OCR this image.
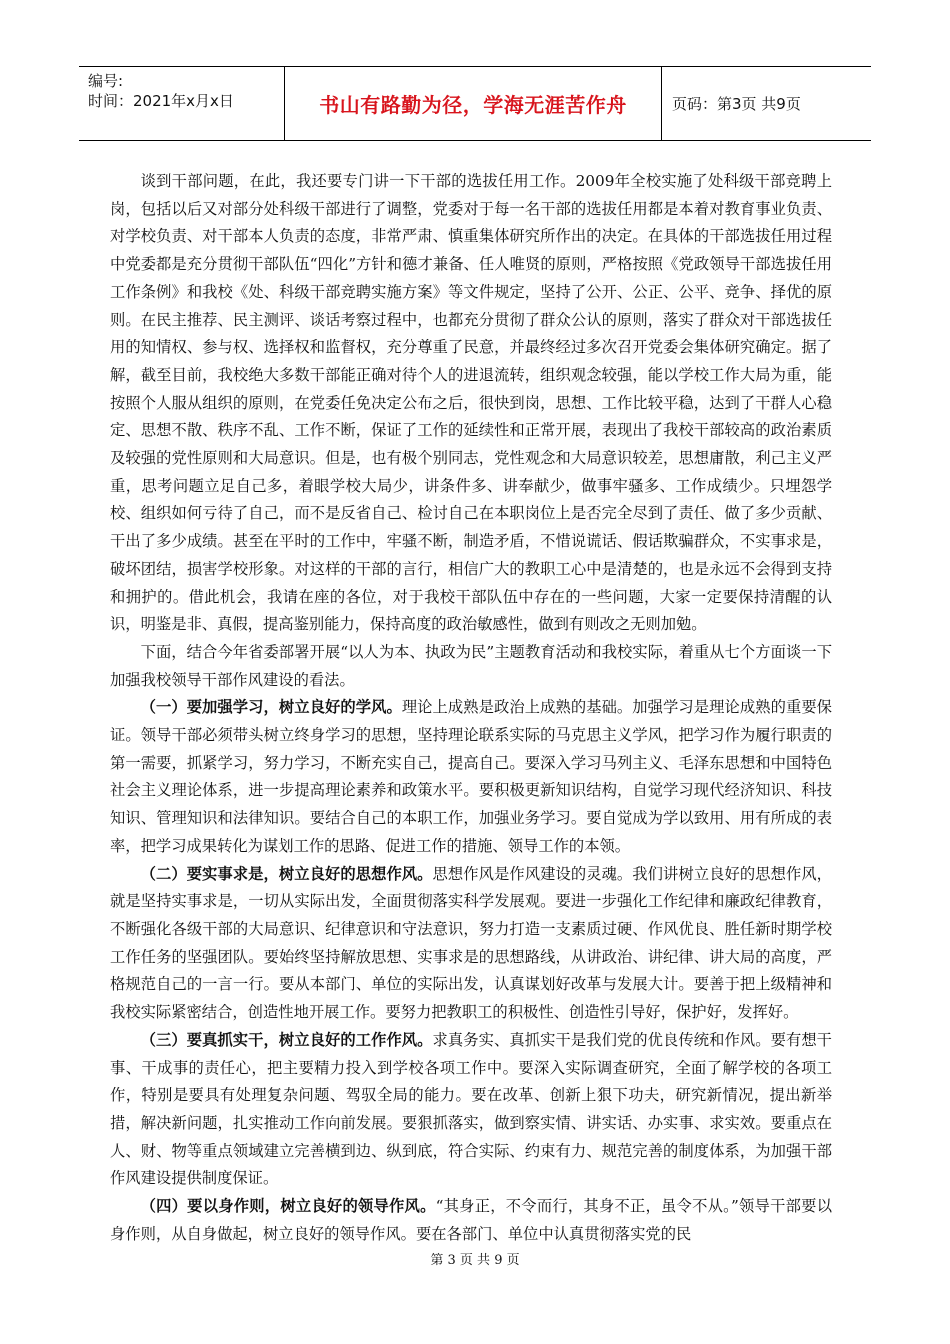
编号:
时间：2021年x月x日	书山有路勤为径，学海无涯苦作舟	页码：第3页 共9页

谈到干部问题，在此，我还要专门讲一下干部的选拔任用工作。2009年全校实施了处科级干部竞聘上岗，包括以后又对部分处科级干部进行了调整，党委对于每一名干部的选拔任用都是本着对教育事业负责、对学校负责、对干部本人负责的态度，非常严肃、慎重集体研究所作出的决定。在具体的干部选拔任用过程中党委都是充分贯彻干部队伍“四化”方针和德才兼备、任人唯贤的原则，严格按照《党政领导干部选拔任用工作条例》和我校《处、科级干部竞聘实施方案》等文件规定，坚持了公开、公正、公平、竞争、择优的原则。在民主推荐、民主测评、谈话考察过程中，也都充分贯彻了群众公认的原则，落实了群众对干部选拔任用的知情权、参与权、选择权和监督权，充分尊重了民意，并最终经过多次召开党委会集体研究确定。据了解，截至目前，我校绝大多数干部能正确对待个人的进退流转，组织观念较强，能以学校工作大局为重，能按照个人服从组织的原则，在党委任免决定公布之后，很快到岗，思想、工作比较平稳，达到了干群人心稳定、思想不散、秩序不乱、工作不断，保证了工作的延续性和正常开展，表现出了我校干部较高的政治素质及较强的党性原则和大局意识。但是，也有极个别同志，党性观念和大局意识较差，思想庸散，利己主义严重，思考问题立足自己多，着眼学校大局少，讲条件多、讲奉献少，做事牢骚多、工作成绩少。只埋怨学校、组织如何亏待了自己，而不是反省自己、检讨自己在本职岗位上是否完全尽到了责任、做了多少贡献、干出了多少成绩。甚至在平时的工作中，牢骚不断，制造矛盾，不惜说谎话、假话欺骗群众，不实事求是，破坏团结，损害学校形象。对这样的干部的言行，相信广大的教职工心中是清楚的，也是永远不会得到支持和拥护的。借此机会，我请在座的各位，对于我校干部队伍中存在的一些问题，大家一定要保持清醒的认识，明鉴是非、真假，提高鉴别能力，保持高度的政治敏感性，做到有则改之无则加勉。

下面，结合今年省委部署开展“以人为本、执政为民”主题教育活动和我校实际，着重从七个方面谈一下加强我校领导干部作风建设的看法。

（一）要加强学习，树立良好的学风。理论上成熟是政治上成熟的基础。加强学习是理论成熟的重要保证。领导干部必须带头树立终身学习的思想，坚持理论联系实际的马克思主义学风，把学习作为履行职责的第一需要，抓紧学习，努力学习，不断充实自己，提高自己。要深入学习马列主义、毛泽东思想和中国特色社会主义理论体系，进一步提高理论素养和政策水平。要积极更新知识结构，自觉学习现代经济知识、科技知识、管理知识和法律知识。要结合自己的本职工作，加强业务学习。要自觉成为学以致用、用有所成的表率，把学习成果转化为谋划工作的思路、促进工作的措施、领导工作的本领。

（二）要实事求是，树立良好的思想作风。思想作风是作风建设的灵魂。我们讲树立良好的思想作风，就是坚持实事求是，一切从实际出发，全面贯彻落实科学发展观。要进一步强化工作纪律和廉政纪律教育，不断强化各级干部的大局意识、纪律意识和守法意识，努力打造一支素质过硬、作风优良、胜任新时期学校工作任务的坚强团队。要始终坚持解放思想、实事求是的思想路线，从讲政治、讲纪律、讲大局的高度，严格规范自己的一言一行。要从本部门、单位的实际出发，认真谋划好改革与发展大计。要善于把上级精神和我校实际紧密结合，创造性地开展工作。要努力把教职工的积极性、创造性引导好，保护好，发挥好。

（三）要真抓实干，树立良好的工作作风。求真务实、真抓实干是我们党的优良传统和作风。要有想干事、干成事的责任心，把主要精力投入到学校各项工作中。要深入实际调查研究，全面了解学校的各项工作，特别是要具有处理复杂问题、驾驭全局的能力。要在改革、创新上狠下功夫，研究新情况，提出新举措，解决新问题，扎实推动工作向前发展。要狠抓落实，做到察实情、讲实话、办实事、求实效。要重点在人、财、物等重点领域建立完善横到边、纵到底，符合实际、约束有力、规范完善的制度体系，为加强干部作风建设提供制度保证。

（四）要以身作则，树立良好的领导作风。“其身正，不令而行，其身不正，虽令不从。”领导干部要以身作则，从自身做起，树立良好的领导作风。要在各部门、单位中认真贯彻落实党的民

第 3 页 共 9 页
